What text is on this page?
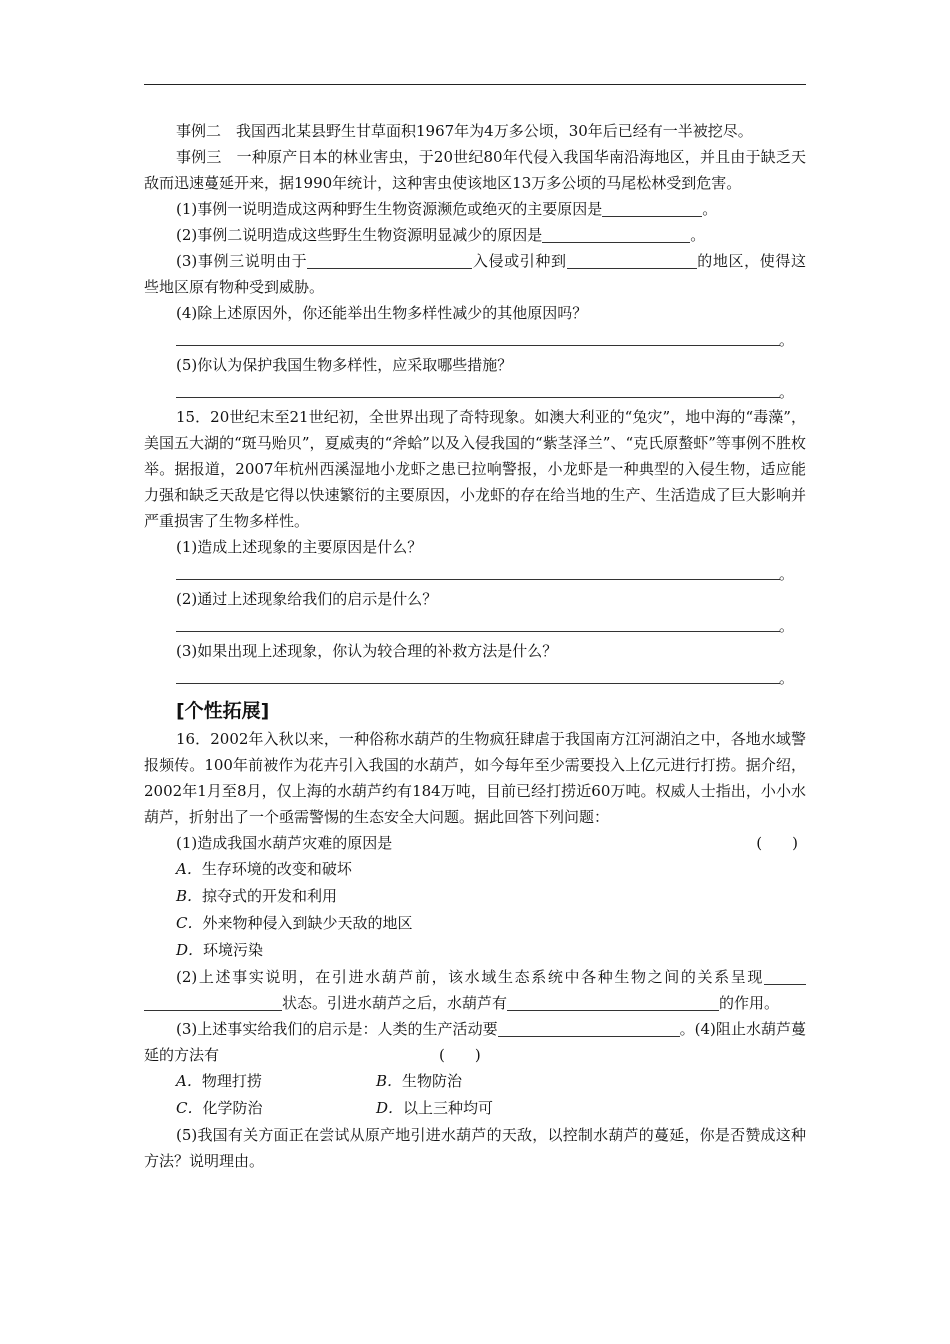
事例二　我国西北某县野生甘草面积1967年为4万多公顷，30年后已经有一半被挖尽。

事例三　一种原产日本的林业害虫，于20世纪80年代侵入我国华南沿海地区，并且由于缺乏天敌而迅速蔓延开来，据1990年统计，这种害虫使该地区13万多公顷的马尾松林受到危害。

(1)事例一说明造成这两种野生生物资源濒危或绝灭的主要原因是	。

(2)事例二说明造成这些野生生物资源明显减少的原因是	。

(3)事例三说明由于	入侵或引种到	的地区，使得这些地区原有物种受到威胁。

(4)除上述原因外，你还能举出生物多样性减少的其他原因吗？

。

(5)你认为保护我国生物多样性，应采取哪些措施？

。

15．20世纪末至21世纪初，全世界出现了奇特现象。如澳大利亚的“兔灾”，地中海的“毒藻”，美国五大湖的“斑马贻贝”，夏威夷的“斧蛤”以及入侵我国的“紫茎泽兰”、“克氏原螯虾”等事例不胜枚举。据报道，2007年杭州西溪湿地小龙虾之患已拉响警报，小龙虾是一种典型的入侵生物，适应能力强和缺乏天敌是它得以快速繁衍的主要原因，小龙虾的存在给当地的生产、生活造成了巨大影响并严重损害了生物多样性。

(1)造成上述现象的主要原因是什么？

。

(2)通过上述现象给我们的启示是什么？

。

(3)如果出现上述现象，你认为较合理的补救方法是什么？

。
[个性拓展]

16．2002年入秋以来，一种俗称水葫芦的生物疯狂肆虐于我国南方江河湖泊之中，各地水域警报频传。100年前被作为花卉引入我国的水葫芦，如今每年至少需要投入上亿元进行打捞。据介绍，2002年1月至8月，仅上海的水葫芦约有184万吨，目前已经打捞近60万吨。权威人士指出，小小水葫芦，折射出了一个亟需警惕的生态安全大问题。据此回答下列问题：

(1)造成我国水葫芦灾难的原因是	(　　)

A．生存环境的改变和破坏

B．掠夺式的开发和利用

C．外来物种侵入到缺少天敌的地区

D．环境污染

(2)上述事实说明，在引进水葫芦前，该水域生态系统中各种生物之间的关系呈现状态。引进水葫芦之后，水葫芦有	的作用。

(3)上述事实给我们的启示是：人类的生产活动要	。(4)阻止水葫芦蔓延的方法有	(　　)

A．物理打捞	B．生物防治
C．化学防治	D．以上三种均可

(5)我国有关方面正在尝试从原产地引进水葫芦的天敌，以控制水葫芦的蔓延，你是否赞成这种方法？说明理由。
